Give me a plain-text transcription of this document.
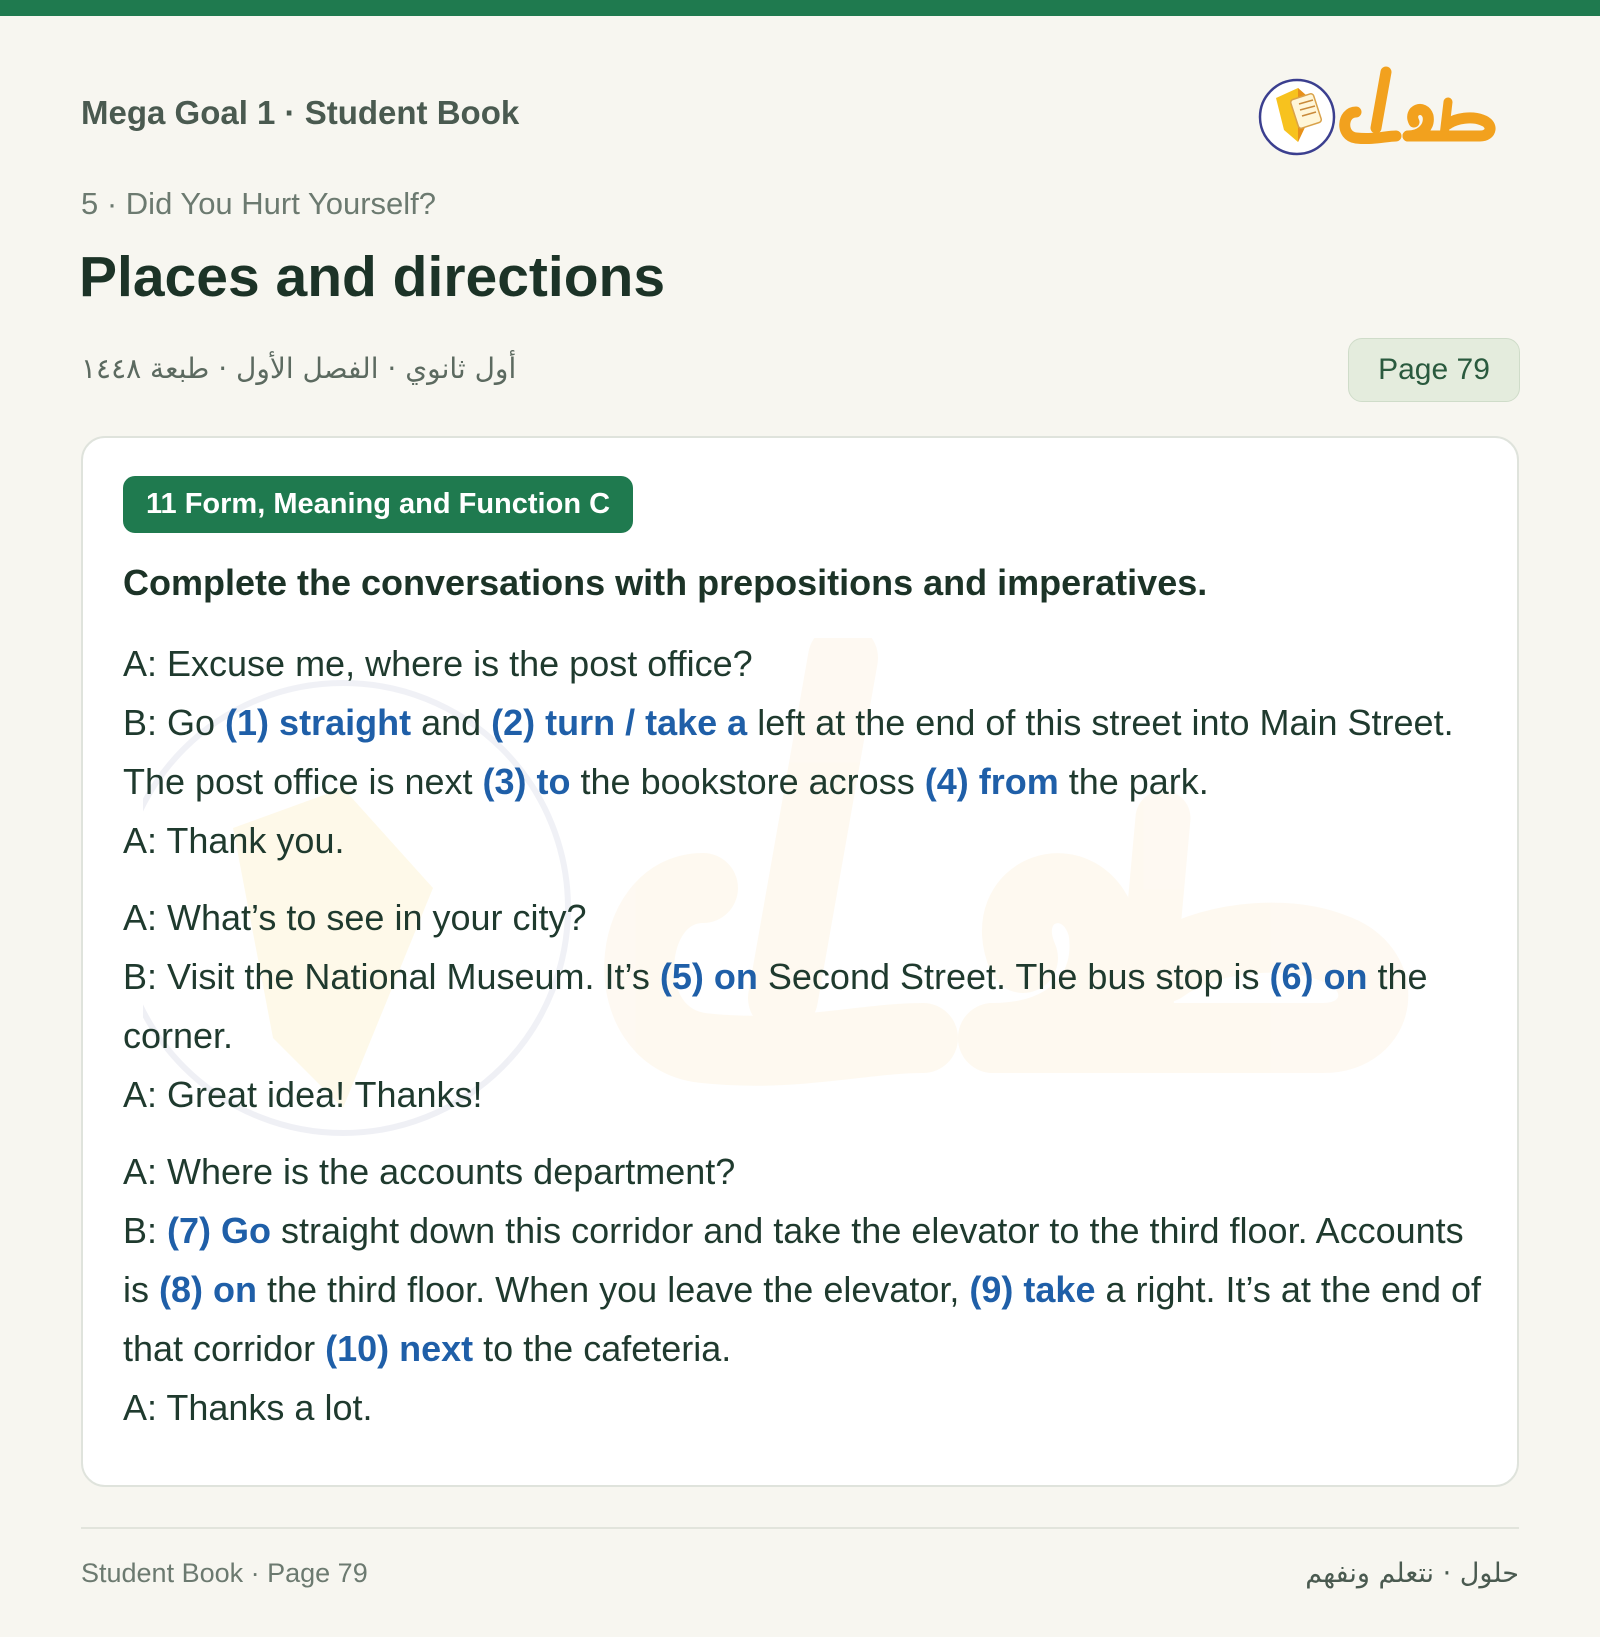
Mega Goal 1 · Student Book
5 · Did You Hurt Yourself?
Places and directions
أول ثانوي · الفصل الأول · طبعة ١٤٤٨	Page 79
11 Form, Meaning and Function C
Complete the conversations with prepositions and imperatives.

A: Excuse me, where is the post office?

B: Go (1) straight and (2) turn / take a left at the end of this street into Main Street. The post office is next (3) to the bookstore across (4) from the park.

A: Thank you.

A: What’s to see in your city?

B: Visit the National Museum. It’s (5) on Second Street. The bus stop is (6) on the corner.

A: Great idea! Thanks!

A: Where is the accounts department?

B: (7) Go straight down this corridor and take the elevator to the third floor. Accounts is (8) on the third floor. When you leave the elevator, (9) take a right. It’s at the end of that corridor (10) next to the cafeteria.

A: Thanks a lot.

Student Book · Page 79	حلول · نتعلم ونفهم
